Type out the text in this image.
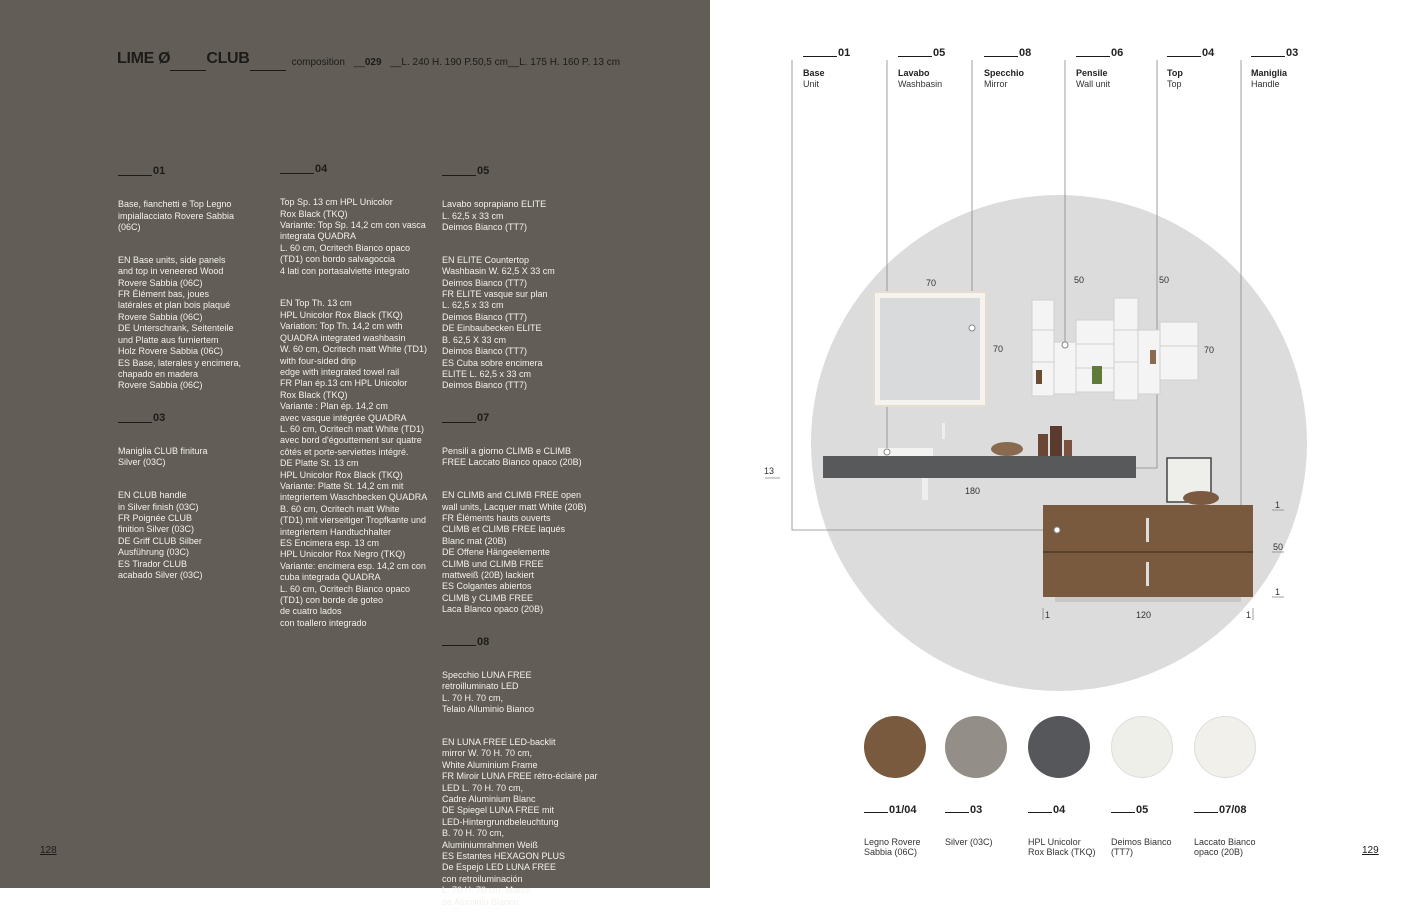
LIME Ø CLUB	composition __ 029 __ L. 240 H. 190 P.50,5 cm __ L. 175 H. 160 P. 13 cm

01

Base, fianchetti e Top Legno
impiallacciato Rovere Sabbia
(06C)

EN Base units, side panels
and top in veneered Wood
Rovere Sabbia (06C)
FR Élément bas, joues
latérales et plan bois plaqué
Rovere Sabbia (06C)
DE Unterschrank, Seitenteile
und Platte aus furniertem
Holz Rovere Sabbia (06C)
ES Base, laterales y encimera,
chapado en madera
Rovere Sabbia (06C)

03

Maniglia CLUB finitura
Silver (03C)

EN CLUB handle
in Silver finish (03C)
FR Poignée CLUB
finition Silver (03C)
DE Griff CLUB Silber
Ausführung (03C)
ES Tirador CLUB
acabado Silver (03C)

04

Top Sp. 13 cm HPL Unicolor
Rox Black (TKQ)
Variante: Top Sp. 14,2 cm con vasca
integrata QUADRA
L. 60 cm, Ocritech Bianco opaco
(TD1) con bordo salvagoccia
4 lati con portasalviette integrato

EN Top Th. 13 cm
HPL Unicolor Rox Black (TKQ)
Variation: Top Th. 14,2 cm with
QUADRA integrated washbasin
W. 60 cm, Ocritech matt White (TD1)
with four-sided drip
edge with integrated towel rail
FR Plan ép.13 cm HPL Unicolor
Rox Black (TKQ)
Variante : Plan ép. 14,2 cm
avec vasque intégrée QUADRA
L. 60 cm, Ocritech matt White (TD1)
avec bord d'égouttement sur quatre
côtés et porte-serviettes intégré.
DE Platte St. 13 cm
HPL Unicolor Rox Black (TKQ)
Variante: Platte St. 14,2 cm mit
integriertem Waschbecken QUADRA
B. 60 cm, Ocritech matt White
(TD1) mit vierseitiger Tropfkante und
integriertem Handtuchhalter
ES Encimera esp. 13 cm
HPL Unicolor Rox Negro (TKQ)
Variante: encimera esp. 14,2 cm con
cuba integrada QUADRA
L. 60 cm, Ocritech Bianco opaco
(TD1) con borde de goteo
de cuatro lados
con toallero integrado

05

Lavabo soprapiano ELITE
L. 62,5 x 33 cm
Deimos Bianco (TT7)

EN ELITE Countertop
Washbasin W. 62,5 X 33 cm
Deimos Bianco (TT7)
FR ELITE vasque sur plan
L. 62,5 x 33 cm
Deimos Bianco (TT7)
DE Einbaubecken ELITE
B. 62,5 X 33 cm
Deimos Bianco (TT7)
ES Cuba sobre encimera
ELITE L. 62,5 x 33 cm
Deimos Bianco (TT7)

07

Pensili a giorno CLIMB e CLIMB
FREE Laccato Bianco opaco (20B)

EN CLIMB and CLIMB FREE open
wall units, Lacquer matt White (20B)
FR Éléments hauts ouverts
CLIMB et CLIMB FREE laqués
Blanc mat (20B)
DE Offene Hängeelemente
CLIMB und CLIMB FREE
mattweiß (20B) lackiert
ES Colgantes abiertos
CLIMB y CLIMB FREE
Laca Blanco opaco (20B)

08

Specchio LUNA FREE
retroilluminato LED
L. 70 H. 70 cm,
Telaio Alluminio Bianco

EN LUNA FREE LED-backlit
mirror W. 70 H. 70 cm,
White Aluminium Frame
FR Miroir LUNA FREE rétro-éclairé par
LED L. 70 H. 70 cm,
Cadre Aluminium Blanc
DE Spiegel LUNA FREE mit
LED-Hintergrundbeleuchtung
B. 70 H. 70 cm,
Aluminiumrahmen Weiß
ES Estantes HEXAGON PLUS
De Espejo LED LUNA FREE
con retroiluminación
L. 70 H. 70 cm, Marco
de Aluminio Blanco

128
01
Base
Unit
05
Lavabo
Washbasin
08
Specchio
Mirror
06
Pensile
Wall unit
04
Top
Top
03
Maniglia
Handle
70
70
50	50
70
13
180
1
50
1
120
1	1

01/04

Legno Rovere
Sabbia (06C)

03

Silver (03C)

04

HPL Unicolor
Rox Black (TKQ)

05

Deimos Bianco
(TT7)

07/08

Laccato Bianco
opaco (20B)	129
